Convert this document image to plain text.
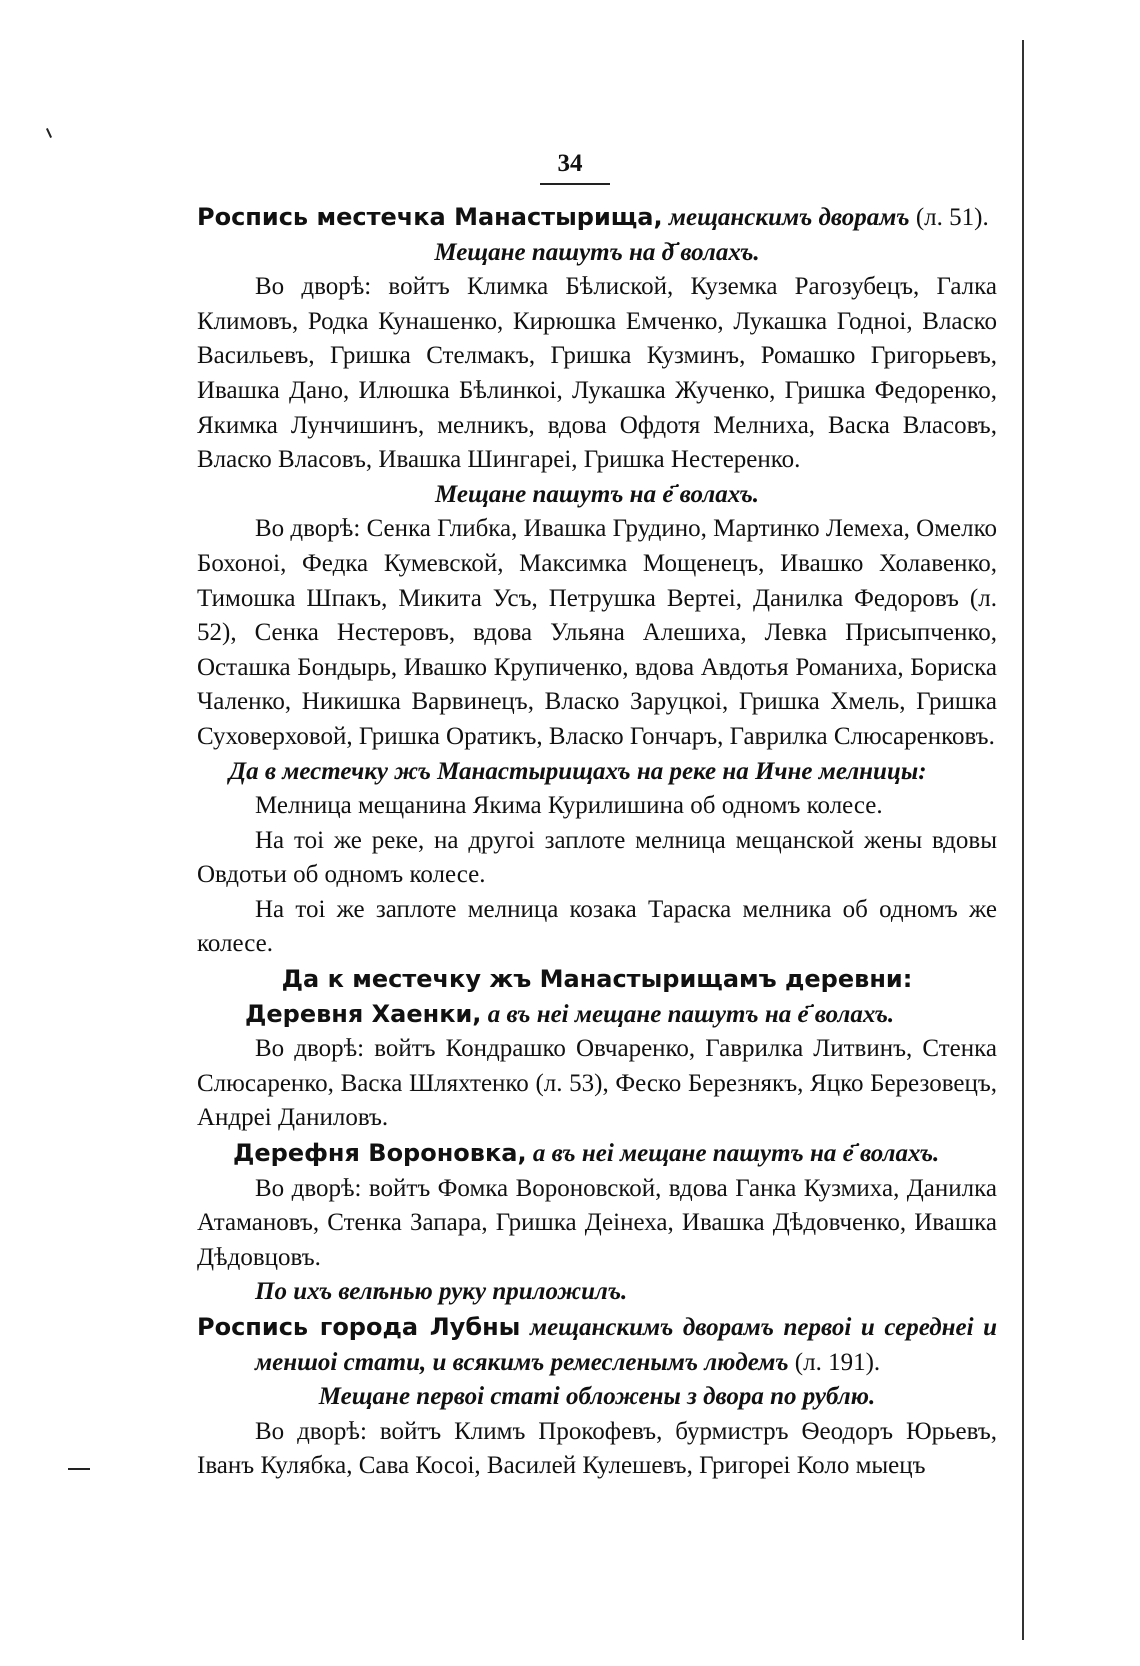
34

Роспись местечка Манастырища, мещанскимъ дворамъ (л. 51).

Мещане пашутъ на д҃ волахъ.

Во дворѣ: войтъ Климка Бѣлиской, Куземка Рагозубецъ, Галка Климовъ, Родка Кунашенко, Кирюшка Емченко, Лукашка Годноі, Власко Васильевъ, Гришка Стелмакъ, Гришка Кузминъ, Ромашко Григорьевъ, Ивашка Дано, Илюшка Бѣлинкоі, Лукашка Жученко, Гришка Федоренко, Якимка Лунчишинъ, мелникъ, вдова Офдотя Мелниха, Васка Власовъ, Власко Власовъ, Ивашка Шингареі, Гришка Нестеренко.

Мещане пашутъ на е҃ волахъ.

Во дворѣ: Сенка Глибка, Ивашка Грудино, Мартинко Лемеха, Омелко Бохоноі, Федка Кумевской, Максимка Мощенецъ, Ивашко Холавенко, Тимошка Шпакъ, Микита Усъ, Петрушка Вертеі, Данилка Федоровъ (л. 52), Сенка Нестеровъ, вдова Ульяна Алешиха, Левка Присыпченко, Осташка Бондырь, Ивашко Крупиченко, вдова Авдотья Романиха, Бориска Чаленко, Никишка Варвинецъ, Власко Заруцкоі, Гришка Хмель, Гришка Суховерховой, Гришка Оратикъ, Власко Гончаръ, Гаврилка Слюсаренковъ.

Да в местечку жъ Манастырищахъ на реке на Ичне мелницы:

Мелница мещанина Якима Курилишина об одномъ колесе.

На тоі же реке, на другоі заплоте мелница мещанской жены вдовы Овдотьи об одномъ колесе.

На тоі же заплоте мелница козака Тараска мелника об одномъ же колесе.

Да к местечку жъ Манастырищамъ деревни:

Деревня Хаенки, а въ неі мещане пашутъ на е҃ волахъ.

Во дворѣ: войтъ Кондрашко Овчаренко, Гаврилка Литвинъ, Стенка Слюсаренко, Васка Шляхтенко (л. 53), Феско Березнякъ, Яцко Березовецъ, Андреі Даниловъ.

Дерефня Вороновка, а въ неі мещане пашутъ на е҃ волахъ.

Во дворѣ: войтъ Фомка Вороновской, вдова Ганка Кузмиха, Данилка Атамановъ, Стенка Запара, Гришка Деінеха, Ивашка Дѣдовченко, Ивашка Дѣдовцовъ.

По ихъ велѣнью руку приложилъ.

Роспись города Лубны мещанскимъ дворамъ первоі и середнеі и меншоі стати, и всякимъ ремесленымъ людемъ (л. 191).

Мещане первоі статі обложены з двора по рублю.

Во дворѣ: войтъ Климъ Прокофевъ, бурмистръ Ѳеодоръ Юрьевъ, Іванъ Кулябка, Сава Косоі, Василей Кулешевъ, Григореі Коло мыецъ
